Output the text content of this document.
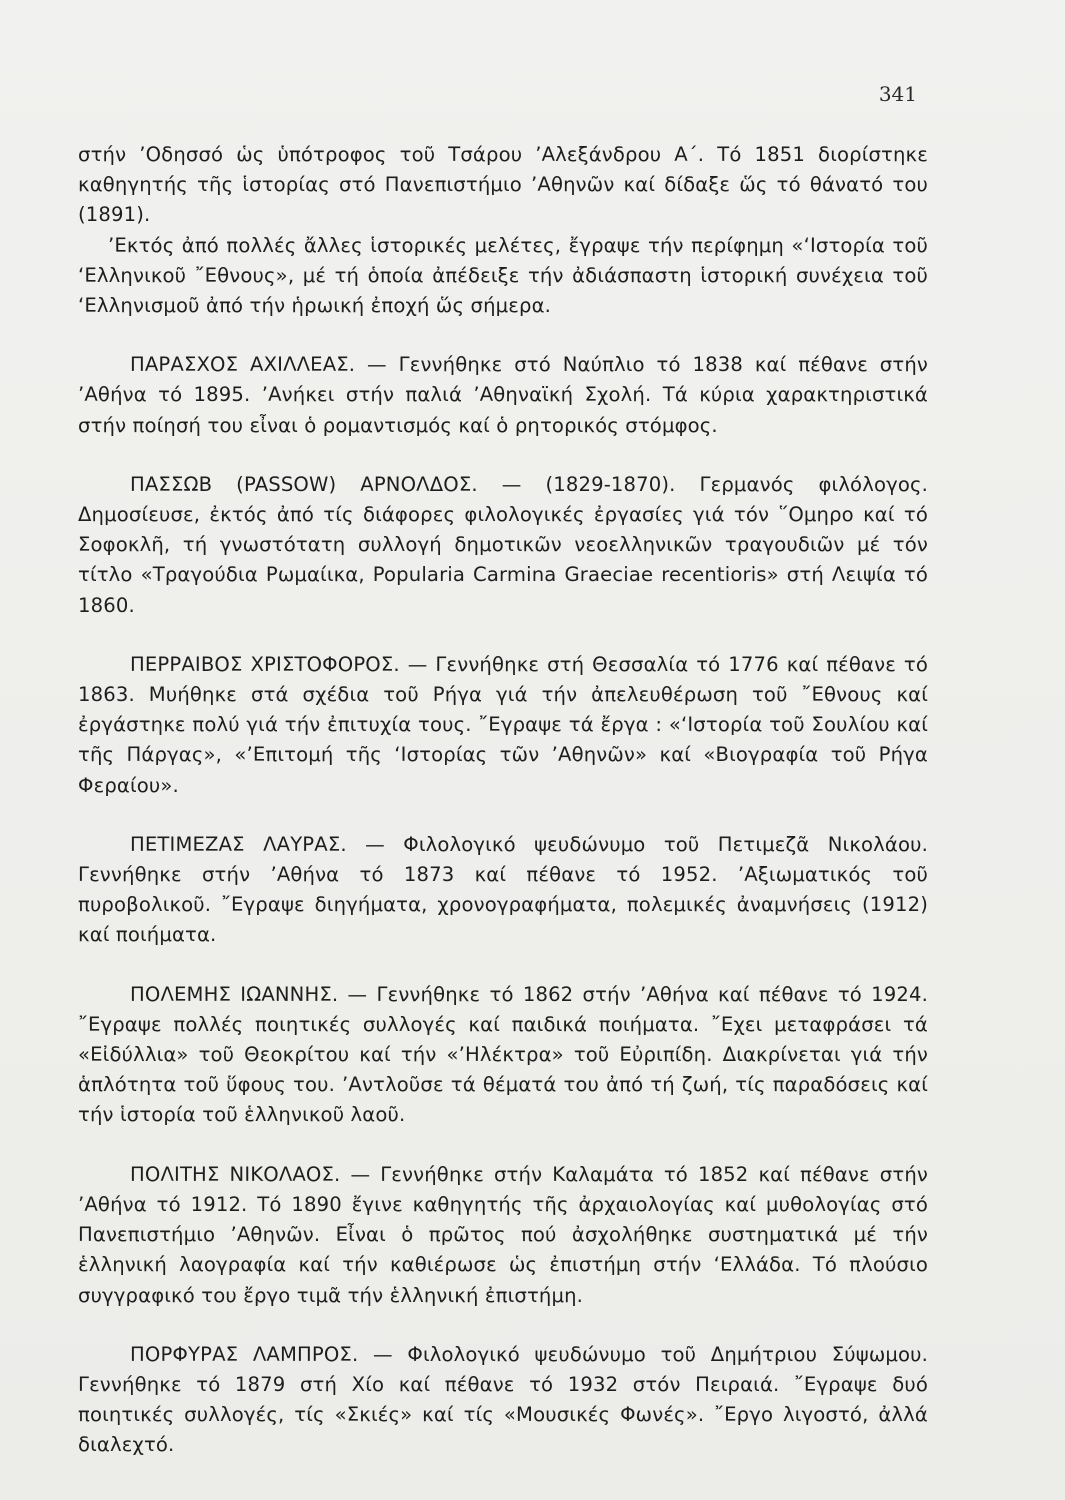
341

στήν ’Οδησσό ὡς ὑπότροφος τοῦ Τσάρου ’Αλεξάνδρου Α΄. Τό 1851 διορίστηκε καθηγητής τῆς ἱστορίας στό Πανεπιστήμιο ’Αθηνῶν καί δίδαξε ὥς τό θάνατό του (1891).

’Εκτός ἀπό πολλές ἄλλες ἱστορικές μελέτες, ἔγραψε τήν περίφημη «‘Ιστορία τοῦ ‘Ελληνικοῦ ῎Εθνους», μέ τή ὁποία ἀπέδειξε τήν ἀδιάσπαστη ἱστορική συνέχεια τοῦ ‘Ελληνισμοῦ ἀπό τήν ἡρωική ἐποχή ὥς σήμερα.

ΠΑΡΑΣΧΟΣ ΑΧΙΛΛΕΑΣ. — Γεννήθηκε στό Ναύπλιο τό 1838 καί πέθανε στήν ’Αθήνα τό 1895. ’Ανήκει στήν παλιά ’Αθηναϊκή Σχολή. Τά κύρια χαρακτηριστικά στήν ποίησή του εἶναι ὁ ρομαντισμός καί ὁ ρητορικός στόμφος.

ΠΑΣΣΩΒ (PASSOW) ΑΡΝΟΛΔΟΣ. — (1829-1870). Γερμανός φιλόλογος. Δημοσίευσε, ἐκτός ἀπό τίς διάφορες φιλολογικές ἐργασίες γιά τόν ῞Ομηρο καί τό Σοφοκλῆ, τή γνωστότατη συλλογή δημοτικῶν νεοελληνικῶν τραγουδιῶν μέ τόν τίτλο «Τραγούδια Ρωμαίικα, Popularia Carmina Graeciae recentioris» στή Λειψία τό 1860.

ΠΕΡΡΑΙΒΟΣ ΧΡΙΣΤΟΦΟΡΟΣ. — Γεννήθηκε στή Θεσσαλία τό 1776 καί πέθανε τό 1863. Μυήθηκε στά σχέδια τοῦ Ρήγα γιά τήν ἀπελευθέρωση τοῦ ῎Εθνους καί ἐργάστηκε πολύ γιά τήν ἐπιτυχία τους. ῎Εγραψε τά ἔργα : «‘Ιστορία τοῦ Σουλίου καί τῆς Πάργας», «’Επιτομή τῆς ‘Ιστορίας τῶν ’Αθηνῶν» καί «Βιογραφία τοῦ Ρήγα Φεραίου».

ΠΕΤΙΜΕΖΑΣ ΛΑΥΡΑΣ. — Φιλολογικό ψευδώνυμο τοῦ Πετιμεζᾶ Νικολάου. Γεννήθηκε στήν ’Αθήνα τό 1873 καί πέθανε τό 1952. ’Αξιωματικός τοῦ πυροβολικοῦ. ῎Εγραψε διηγήματα, χρονογραφήματα, πολεμικές ἀναμνήσεις (1912) καί ποιήματα.

ΠΟΛΕΜΗΣ ΙΩΑΝΝΗΣ. — Γεννήθηκε τό 1862 στήν ’Αθήνα καί πέθανε τό 1924. ῎Εγραψε πολλές ποιητικές συλλογές καί παιδικά ποιήματα. ῎Εχει μεταφράσει τά «Εἰδύλλια» τοῦ Θεοκρίτου καί τήν «’Ηλέκτρα» τοῦ Εὐριπίδη. Διακρίνεται γιά τήν ἁπλότητα τοῦ ὕφους του. ’Αντλοῦσε τά θέματά του ἀπό τή ζωή, τίς παραδόσεις καί τήν ἱστορία τοῦ ἑλληνικοῦ λαοῦ.

ΠΟΛΙΤΗΣ ΝΙΚΟΛΑΟΣ. — Γεννήθηκε στήν Καλαμάτα τό 1852 καί πέθανε στήν ’Αθήνα τό 1912. Τό 1890 ἔγινε καθηγητής τῆς ἀρχαιολογίας καί μυθολογίας στό Πανεπιστήμιο ’Αθηνῶν. Εἶναι ὁ πρῶτος πού ἀσχολήθηκε συστηματικά μέ τήν ἑλληνική λαογραφία καί τήν καθιέρωσε ὡς ἐπιστήμη στήν ‘Ελλάδα. Τό πλούσιο συγγραφικό του ἔργο τιμᾶ τήν ἑλληνική ἐπιστήμη.

ΠΟΡΦΥΡΑΣ ΛΑΜΠΡΟΣ. — Φιλολογικό ψευδώνυμο τοῦ Δημήτριου Σύψωμου. Γεννήθηκε τό 1879 στή Χίο καί πέθανε τό 1932 στόν Πειραιά. ῎Εγραψε δυό ποιητικές συλλογές, τίς «Σκιές» καί τίς «Μουσικές Φωνές». ῎Εργο λιγοστό, ἀλλά διαλεχτό.
